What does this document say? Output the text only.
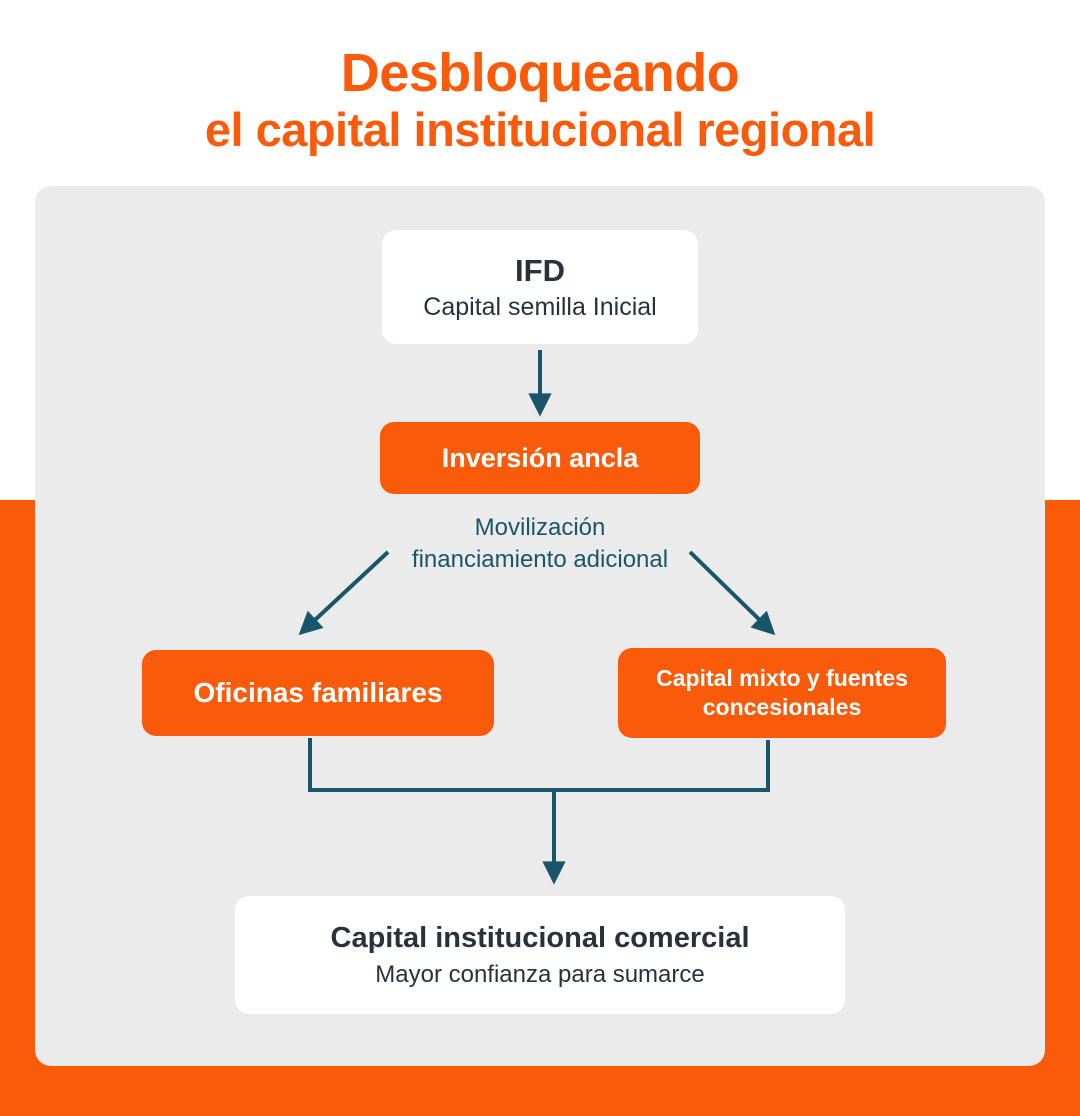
Desbloqueando
el capital institucional regional
IFD
Capital semilla Inicial
Inversión ancla
Movilización financiamiento adicional
Oficinas familiares	Capital mixto y fuentes concesionales
Capital institucional comercial
Mayor confianza para sumarce
